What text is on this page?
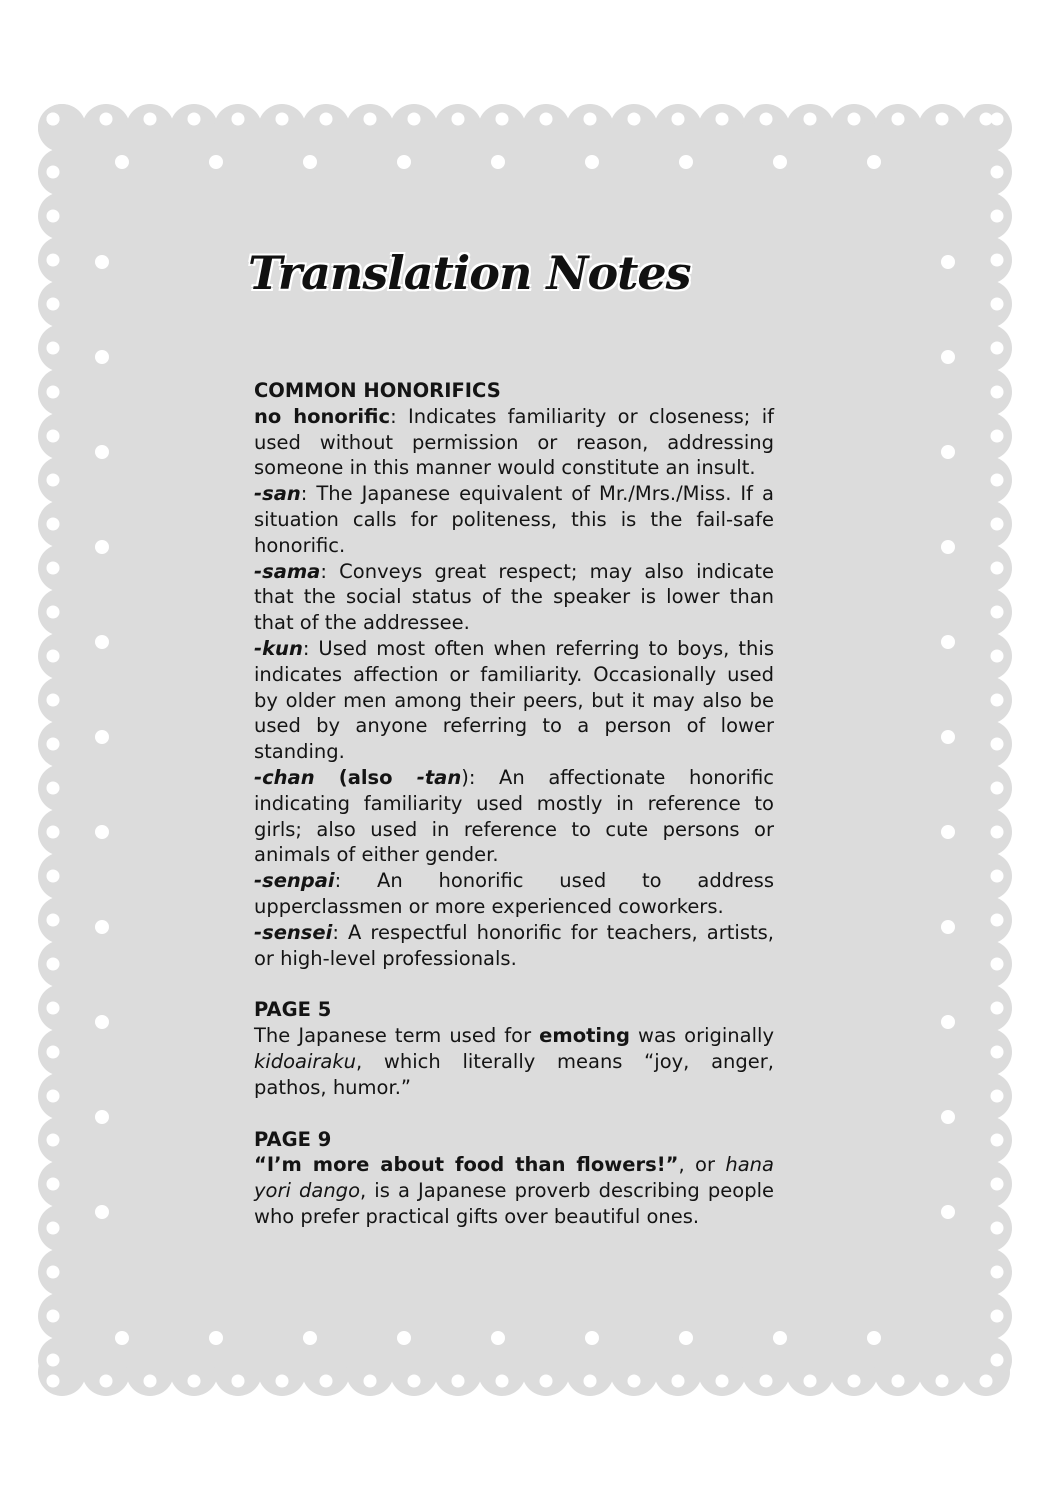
Translation Notes

COMMON HONORIFICS

no honorific: Indicates familiarity or closeness; if used without permission or reason, addressing someone in this manner would constitute an insult.

-san: The Japanese equivalent of Mr./Mrs./Miss. If a situation calls for politeness, this is the fail-safe honorific.

-sama: Conveys great respect; may also indicate that the social status of the speaker is lower than that of the addressee.

-kun: Used most often when referring to boys, this indicates affection or familiarity. Occasionally used by older men among their peers, but it may also be used by anyone referring to a person of lower standing.

-chan (also -tan): An affectionate honorific indicating familiarity used mostly in reference to girls; also used in reference to cute persons or animals of either gender.

-senpai: An honorific used to address upperclassmen or more experienced coworkers.

-sensei: A respectful honorific for teachers, artists, or high-level professionals.

PAGE 5

The Japanese term used for emoting was originally kidoairaku, which literally means “joy, anger, pathos, humor.”

PAGE 9

“I’m more about food than flowers!”, or hana yori dango, is a Japanese proverb describing people who prefer practical gifts over beautiful ones.
